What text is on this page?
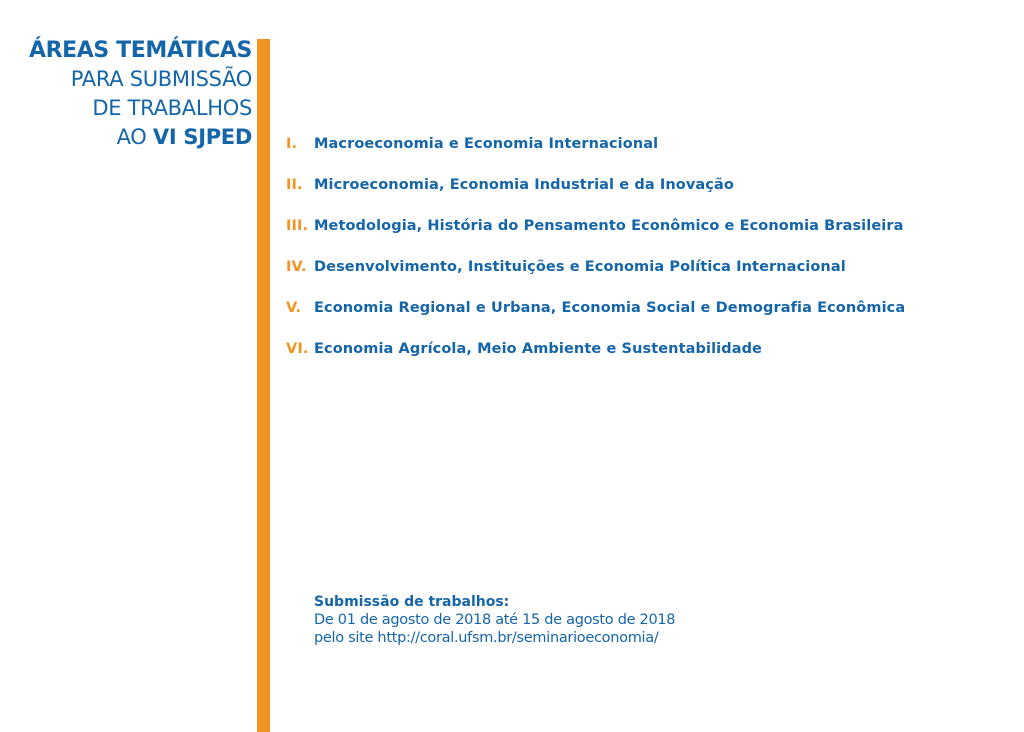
ÁREAS TEMÁTICAS
PARA SUBMISSÃO
DE TRABALHOS
AO VI SJPED I.	Macroeconomia e Economia Internacional
II. Microeconomia, Economia Industrial e da Inovação
III. Metodologia, História do Pensamento Econômico e Economia Brasileira
IV. Desenvolvimento, Instituições e Economia Política Internacional
V. Economia Regional e Urbana, Economia Social e Demografia Econômica
VI. Economia Agrícola, Meio Ambiente e Sustentabilidade
Submissão de trabalhos:
De 01 de agosto de 2018 até 15 de agosto de 2018
pelo site http://coral.ufsm.br/seminarioeconomia/
